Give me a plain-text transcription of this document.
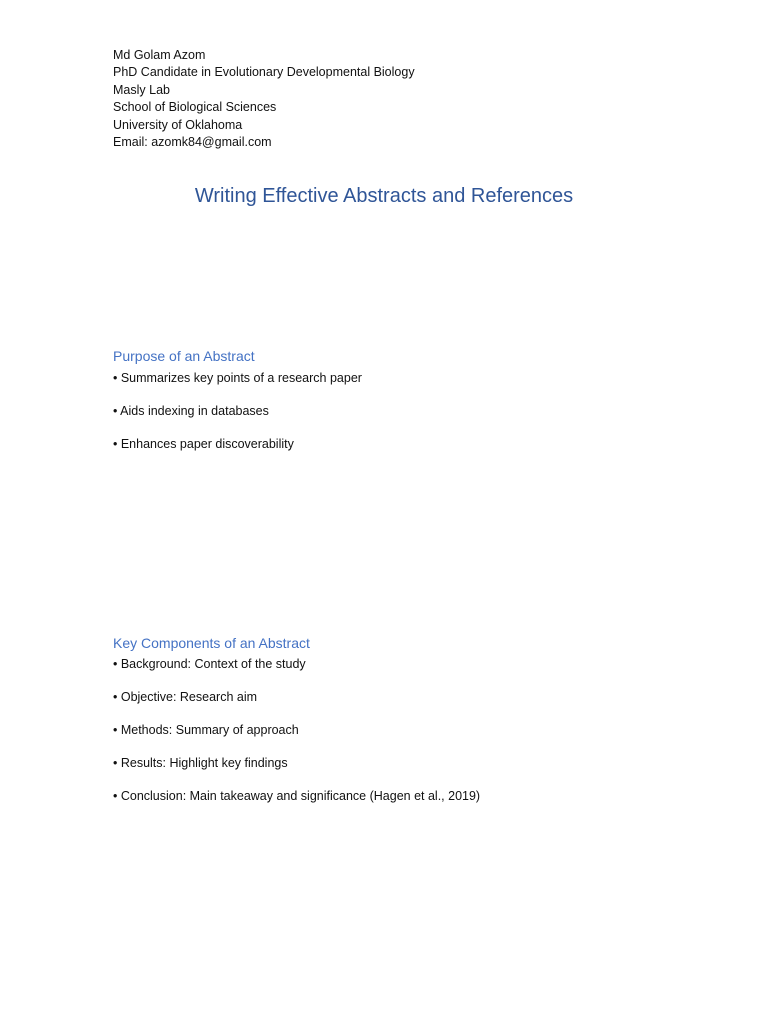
Md Golam Azom
PhD Candidate in Evolutionary Developmental Biology
Masly Lab
School of Biological Sciences
University of Oklahoma
Email: azomk84@gmail.com
Writing Effective Abstracts and References
Purpose of an Abstract
• Summarizes key points of a research paper
• Aids indexing in databases
• Enhances paper discoverability
Key Components of an Abstract
• Background: Context of the study
• Objective: Research aim
• Methods: Summary of approach
• Results: Highlight key findings
• Conclusion: Main takeaway and significance (Hagen et al., 2019)
